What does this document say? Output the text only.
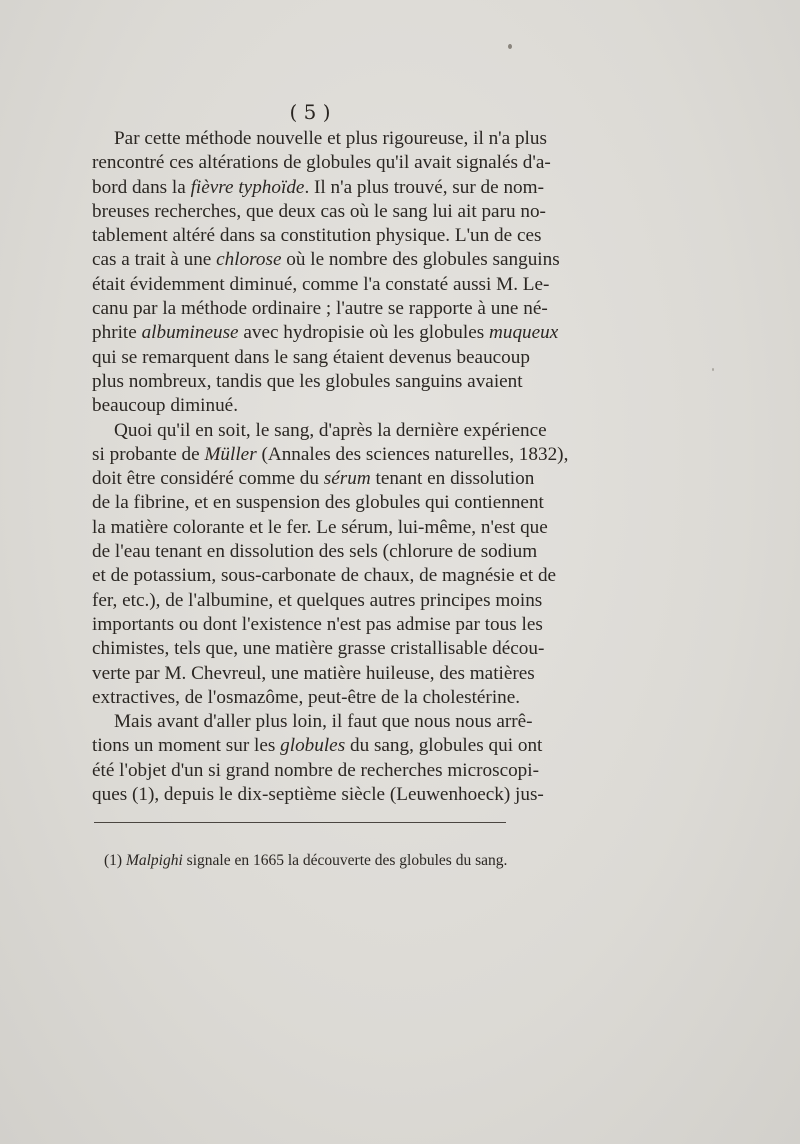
( 5 )
Par cette méthode nouvelle et plus rigoureuse, il n'a plus
rencontré ces altérations de globules qu'il avait signalés d'a-
bord dans la fièvre typhoïde. Il n'a plus trouvé, sur de nom-
breuses recherches, que deux cas où le sang lui ait paru no-
tablement altéré dans sa constitution physique. L'un de ces
cas a trait à une chlorose où le nombre des globules sanguins
était évidemment diminué, comme l'a constaté aussi M. Le-
canu par la méthode ordinaire ; l'autre se rapporte à une né-
phrite albumineuse avec hydropisie où les globules muqueux
qui se remarquent dans le sang étaient devenus beaucoup
plus nombreux, tandis que les globules sanguins avaient
beaucoup diminué.
Quoi qu'il en soit, le sang, d'après la dernière expérience
si probante de Müller (Annales des sciences naturelles, 1832),
doit être considéré comme du sérum tenant en dissolution
de la fibrine, et en suspension des globules qui contiennent
la matière colorante et le fer. Le sérum, lui-même, n'est que
de l'eau tenant en dissolution des sels (chlorure de sodium
et de potassium, sous-carbonate de chaux, de magnésie et de
fer, etc.), de l'albumine, et quelques autres principes moins
importants ou dont l'existence n'est pas admise par tous les
chimistes, tels que, une matière grasse cristallisable décou-
verte par M. Chevreul, une matière huileuse, des matières
extractives, de l'osmazôme, peut-être de la cholestérine.
Mais avant d'aller plus loin, il faut que nous nous arrê-
tions un moment sur les globules du sang, globules qui ont
été l'objet d'un si grand nombre de recherches microscopi-
ques (1), depuis le dix-septième siècle (Leuwenhoeck) jus-
(1) Malpighi signale en 1665 la découverte des globules du sang.
